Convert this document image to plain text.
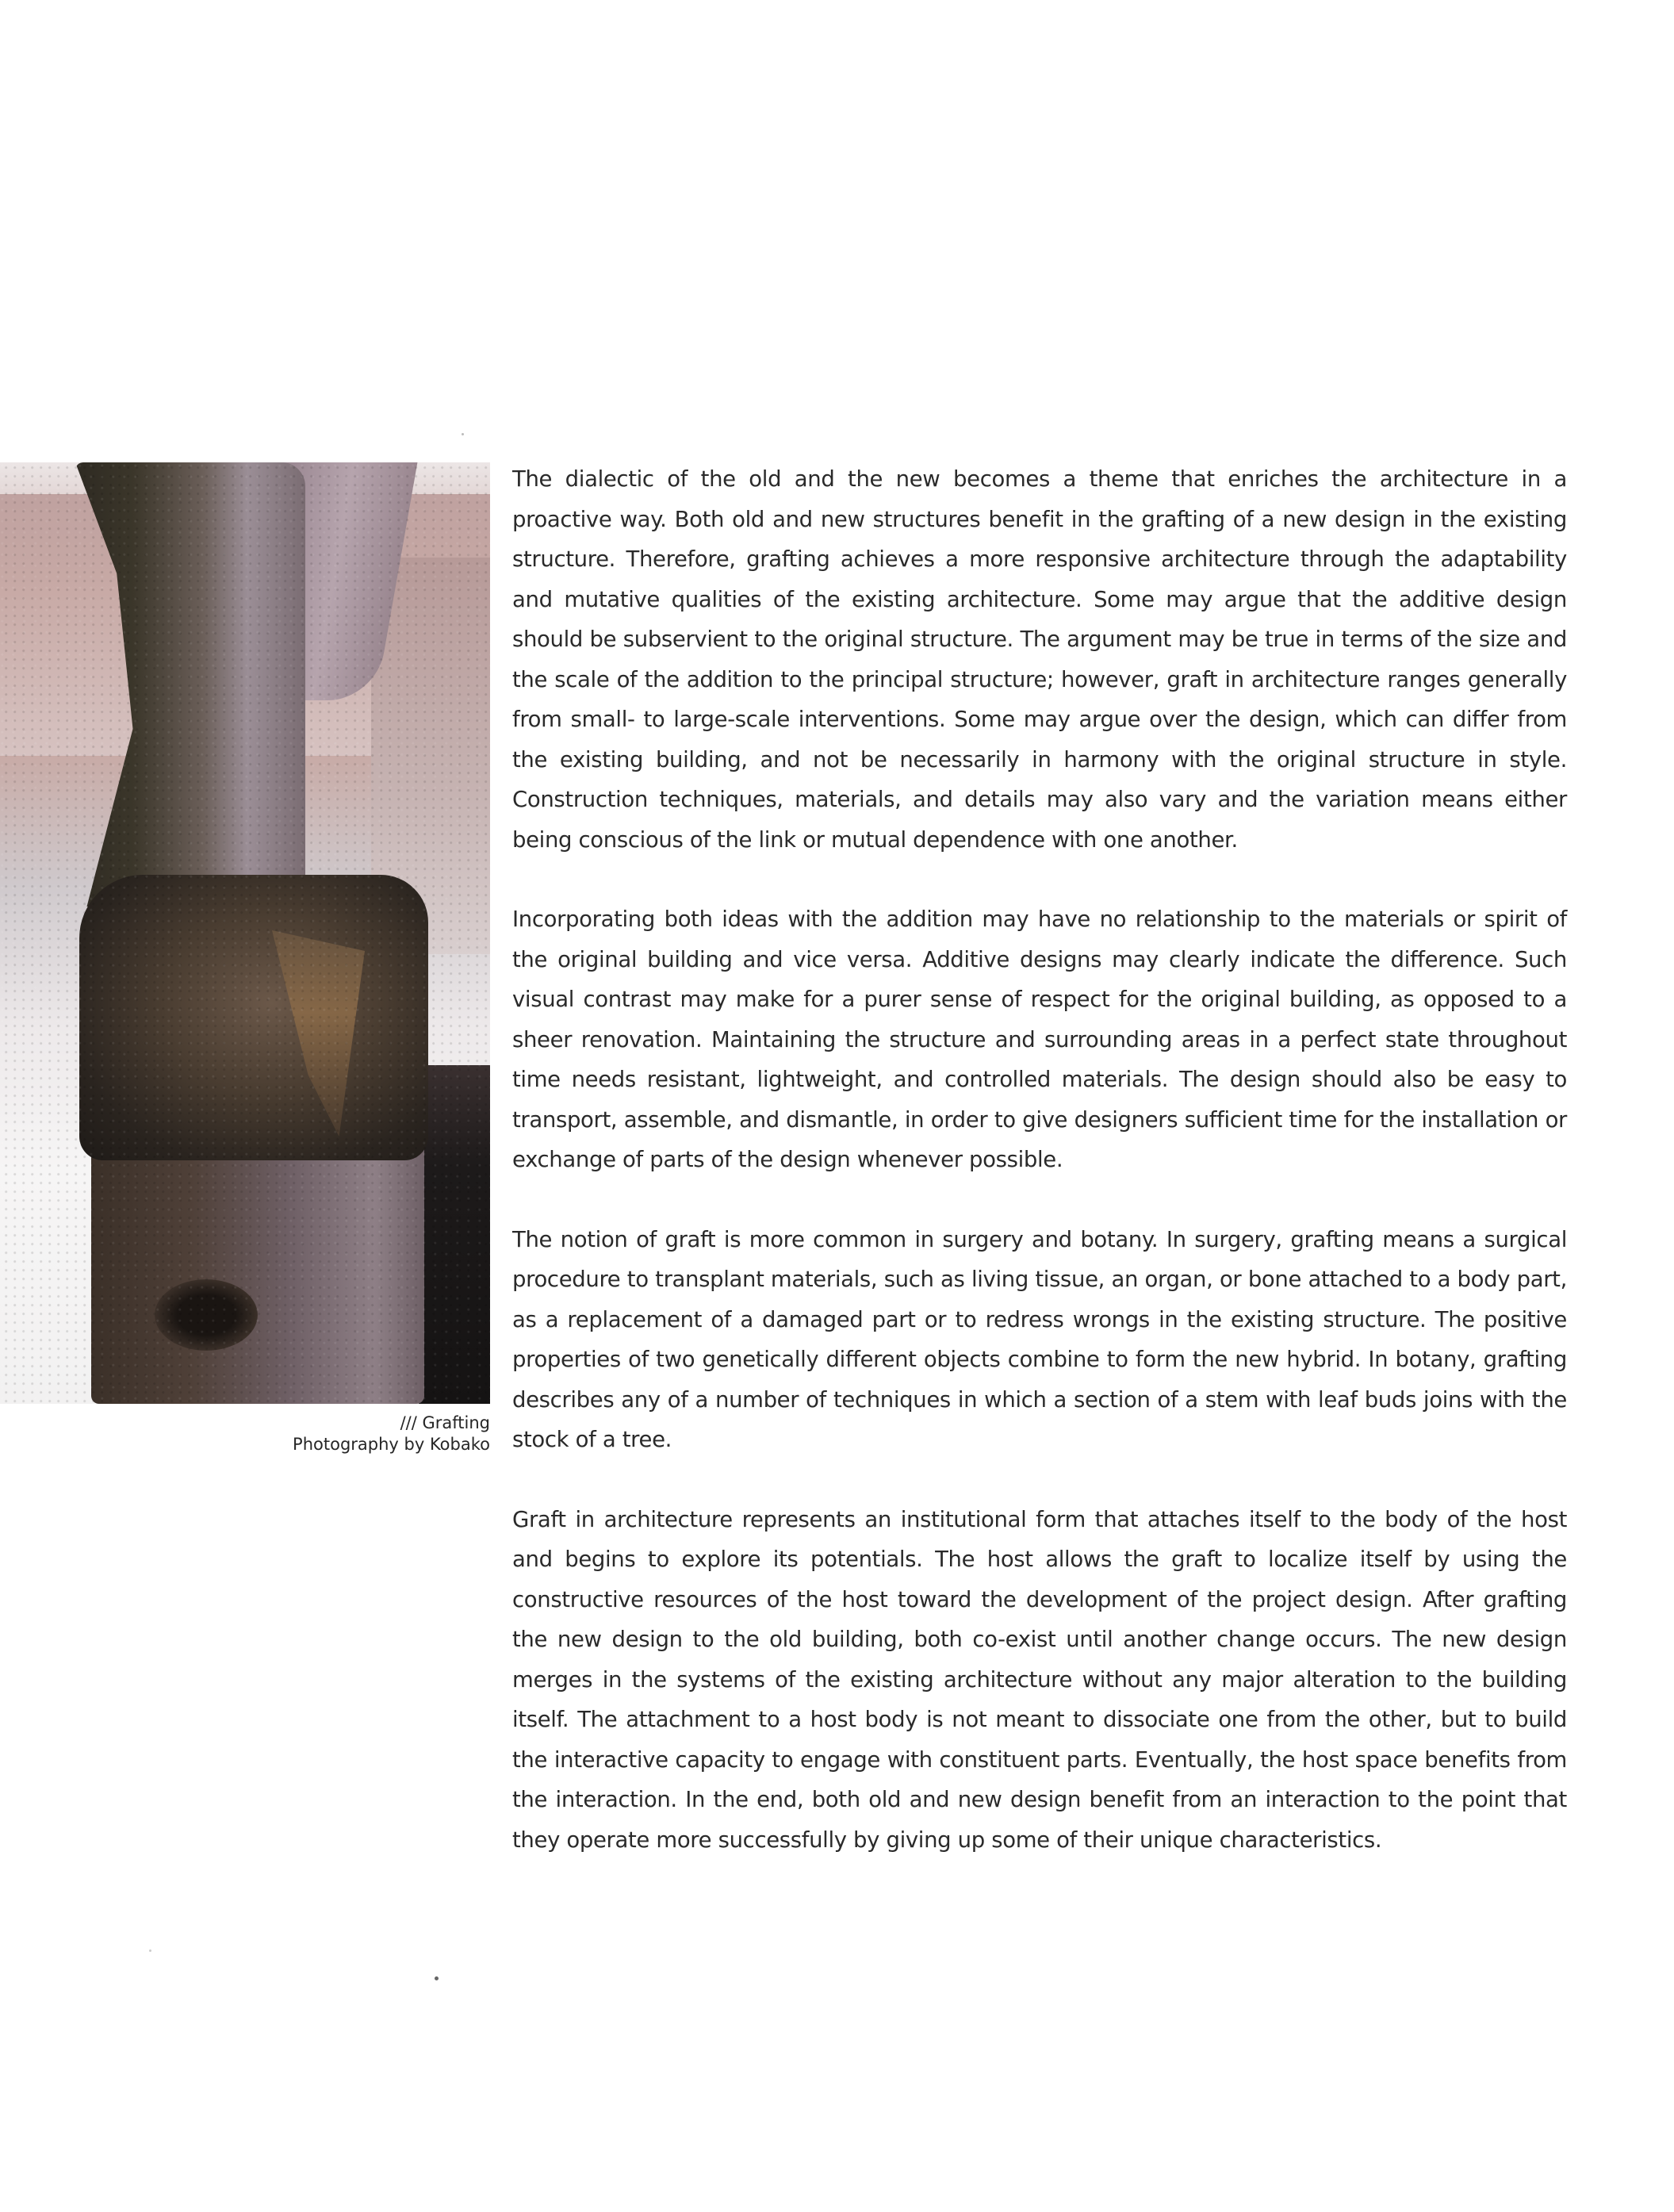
/// Grafting
Photography by Kobako

The dialectic of the old and the new becomes a theme that enriches the architecture in a proactive way. Both old and new structures benefit in the grafting of a new design in the existing structure. Therefore, grafting achieves a more responsive architecture through the adaptability and mutative qualities of the existing architecture. Some may argue that the additive design should be subservient to the original structure. The argument may be true in terms of the size and the scale of the addition to the principal structure; however, graft in architecture ranges generally from small- to large-scale interventions. Some may argue over the design, which can differ from the existing building, and not be necessarily in harmony with the original structure in style. Construction techniques, materials, and details may also vary and the variation means either being conscious of the link or mutual dependence with one another.

Incorporating both ideas with the addition may have no relationship to the materials or spirit of the original building and vice versa. Additive designs may clearly indicate the difference. Such visual contrast may make for a purer sense of respect for the original building, as opposed to a sheer renovation. Maintaining the structure and surrounding areas in a perfect state throughout time needs resistant, lightweight, and controlled materials. The design should also be easy to transport, assemble, and dismantle, in order to give designers sufficient time for the installation or exchange of parts of the design whenever possible.

The notion of graft is more common in surgery and botany. In surgery, grafting means a surgical procedure to transplant materials, such as living tissue, an organ, or bone attached to a body part, as a replacement of a damaged part or to redress wrongs in the existing structure. The positive properties of two genetically different objects combine to form the new hybrid. In botany, grafting describes any of a number of techniques in which a section of a stem with leaf buds joins with the stock of a tree.

Graft in architecture represents an institutional form that attaches itself to the body of the host and begins to explore its potentials. The host allows the graft to localize itself by using the constructive resources of the host toward the development of the project design. After grafting the new design to the old building, both co-exist until another change occurs. The new design merges in the systems of the existing architecture without any major alteration to the building itself. The attachment to a host body is not meant to dissociate one from the other, but to build the interactive capacity to engage with constituent parts. Eventually, the host space benefits from the interaction. In the end, both old and new design benefit from an interaction to the point that they operate more successfully by giving up some of their unique characteristics.
